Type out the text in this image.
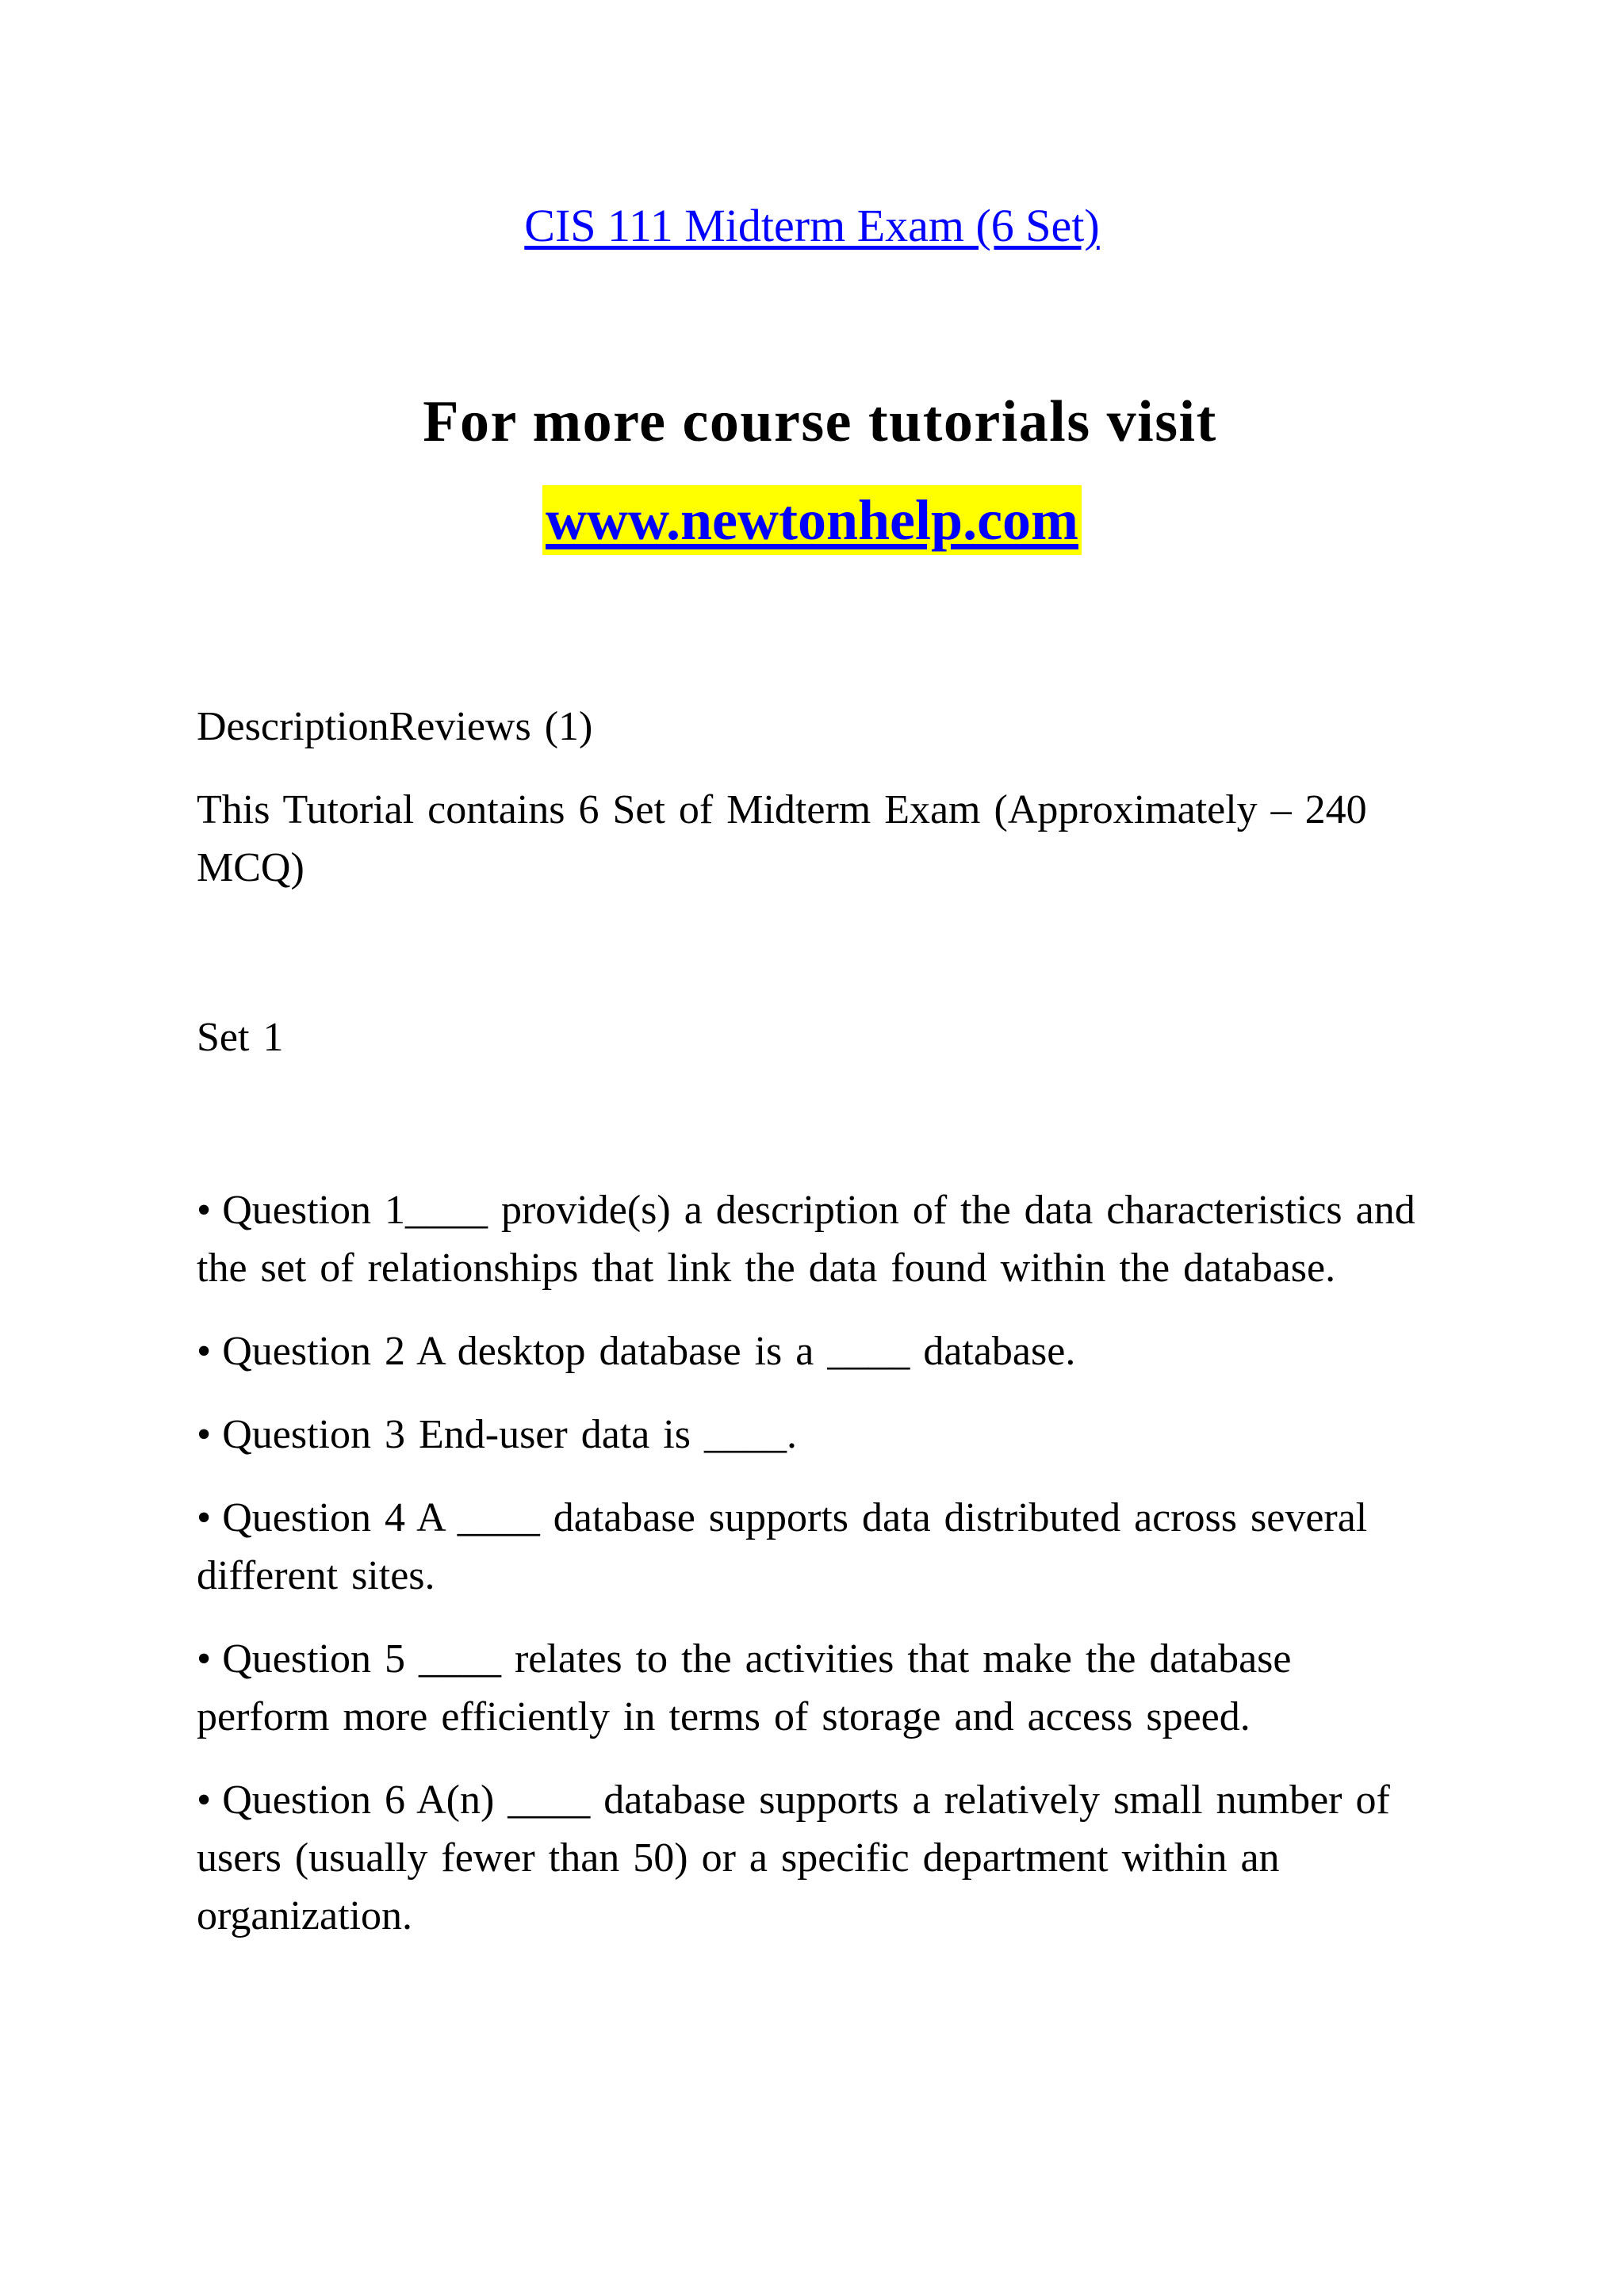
CIS 111 Midterm Exam (6 Set)
For more course tutorials visit
www.newtonhelp.com
DescriptionReviews (1)
This Tutorial contains 6 Set of Midterm Exam (Approximately – 240 MCQ)
Set 1
• Question 1____ provide(s) a description of the data characteristics and the set of relationships that link the data found within the database.
• Question 2 A desktop database is a ____ database.
• Question 3 End-user data is ____.
• Question 4 A ____ database supports data distributed across several different sites.
• Question 5 ____ relates to the activities that make the database perform more efficiently in terms of storage and access speed.
• Question 6 A(n) ____ database supports a relatively small number of users (usually fewer than 50) or a specific department within an organization.
